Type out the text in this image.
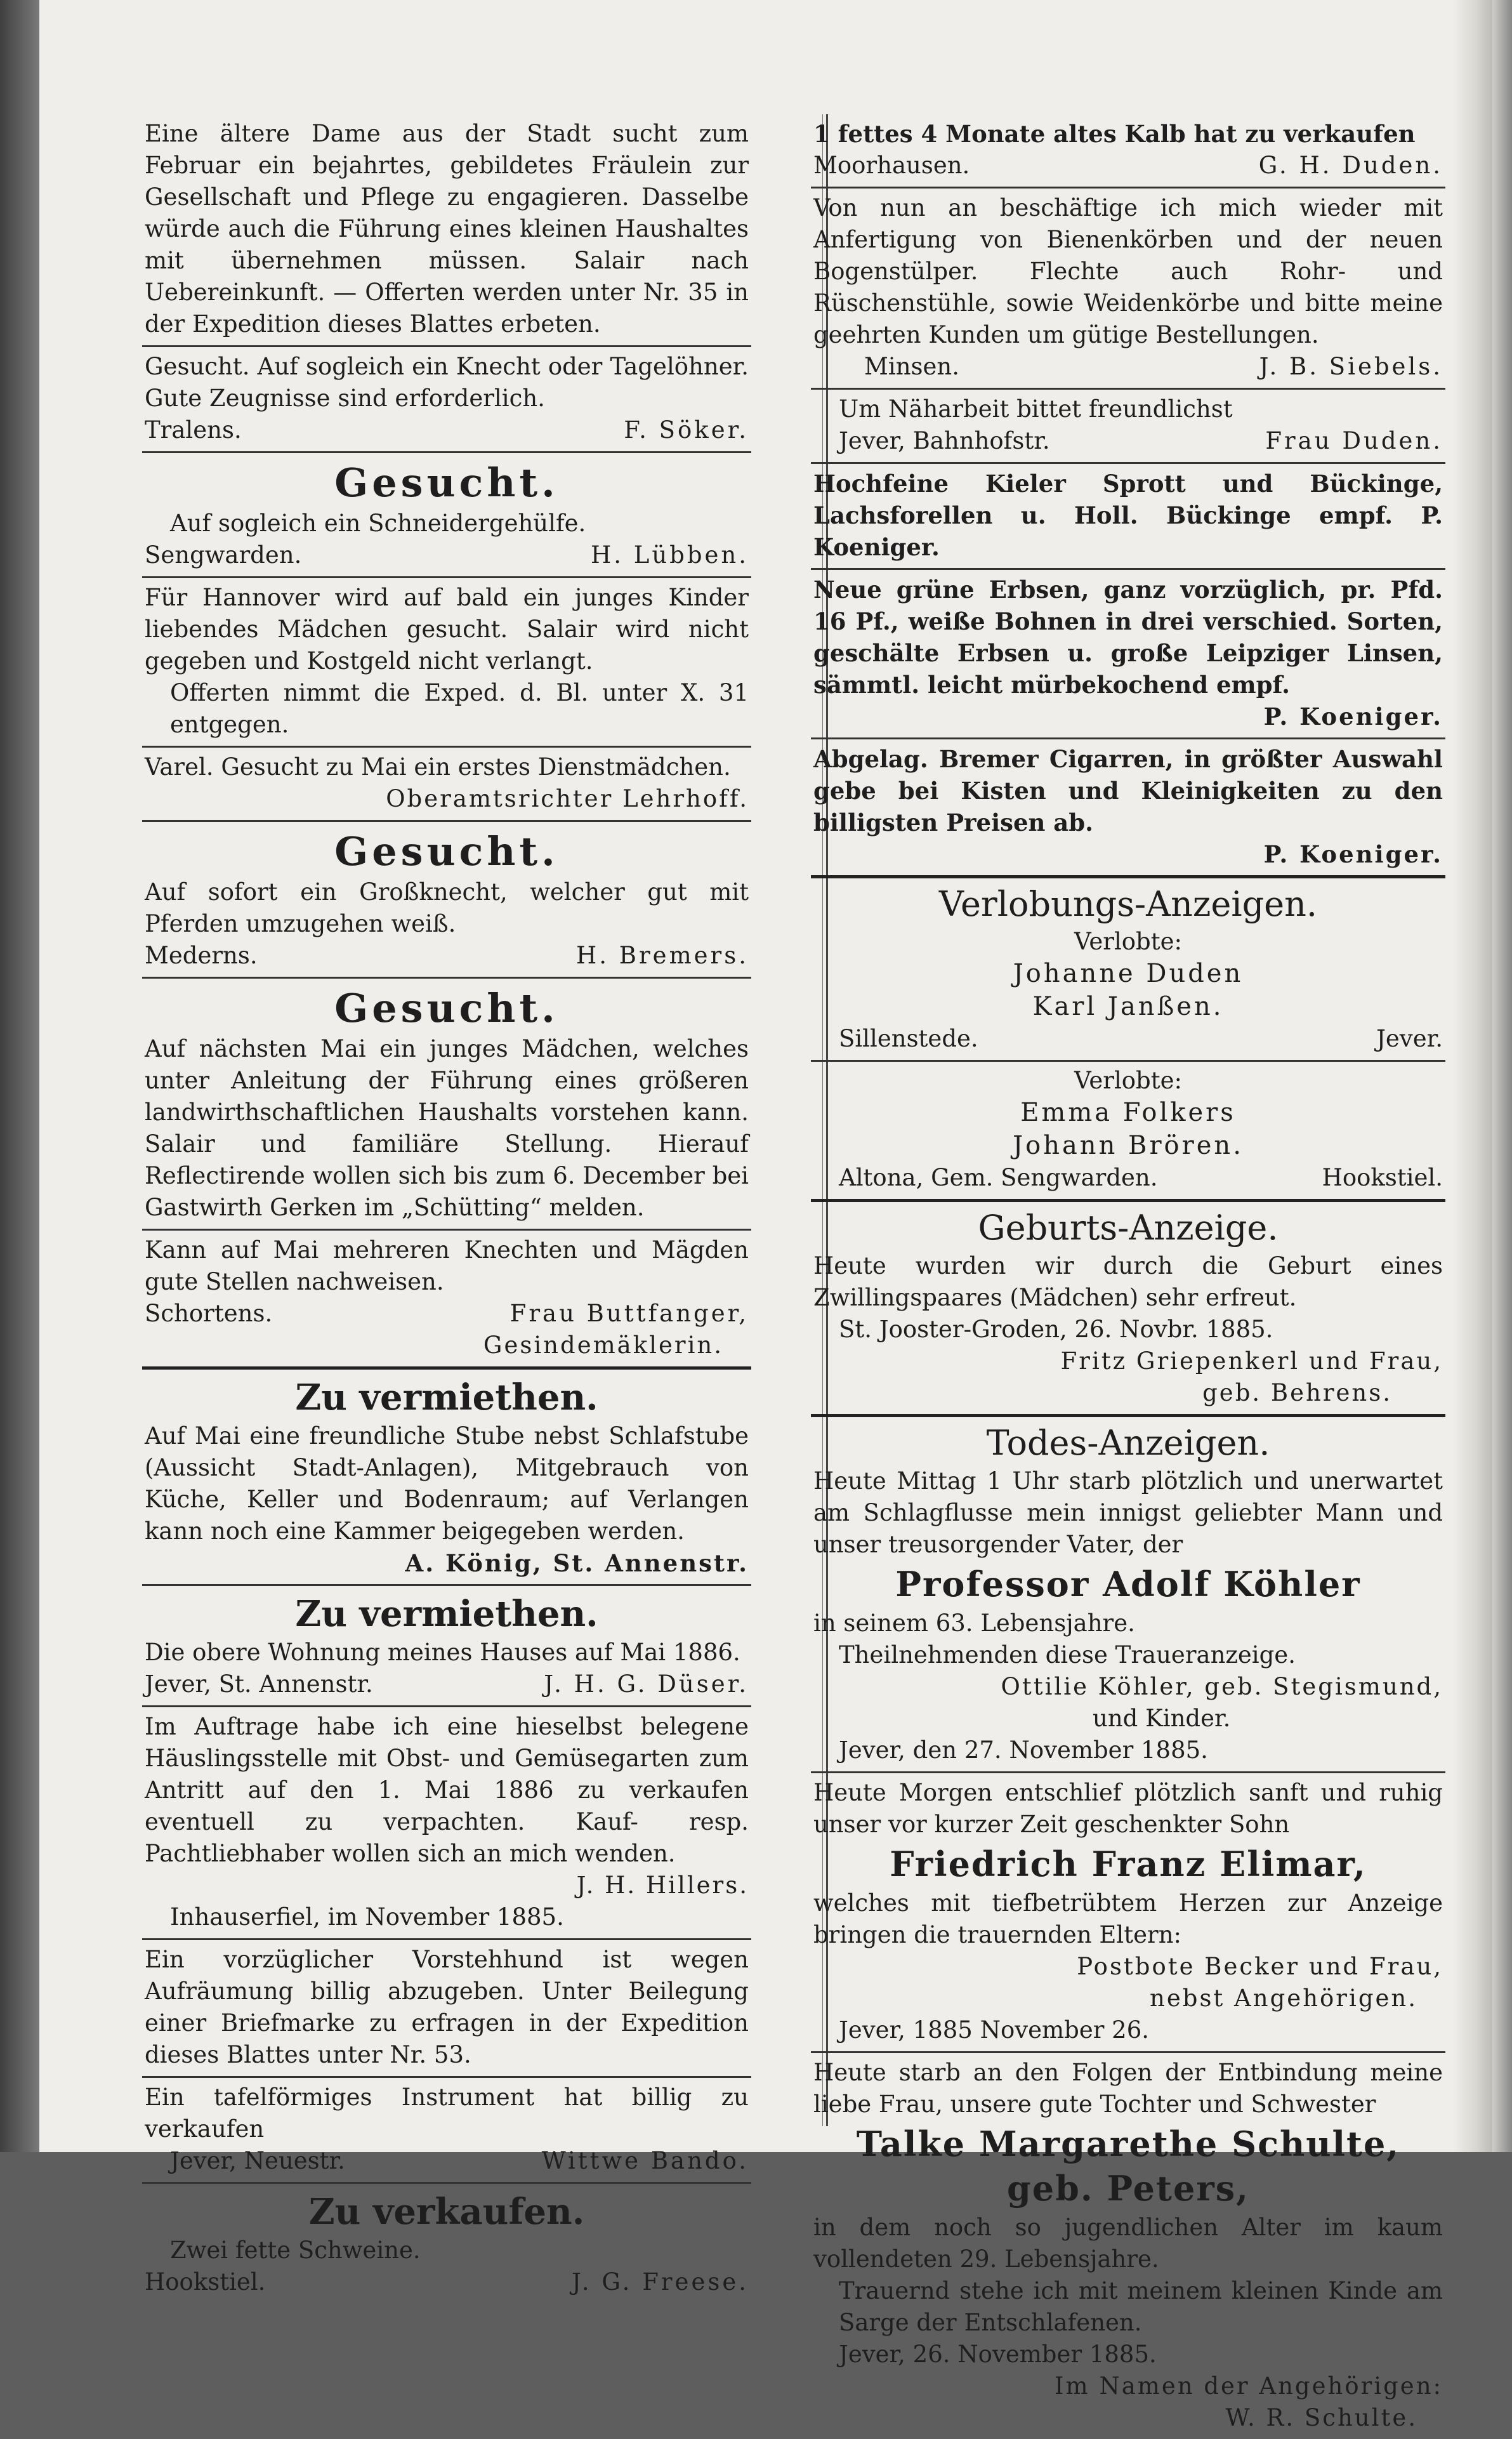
Eine ältere Dame aus der Stadt sucht zum Februar ein bejahrtes, gebildetes Fräulein zur Gesellschaft und Pflege zu engagieren. Dasselbe würde auch die Führung eines kleinen Haushaltes mit übernehmen müssen. Salair nach Uebereinkunft. — Offerten werden unter Nr. 35 in der Expedition dieses Blattes erbeten.

Gesucht. Auf sogleich ein Knecht oder Tagelöhner. Gute Zeugnisse sind erforderlich.

Tralens.	F. Söker.
Gesucht.

Auf sogleich ein Schneidergehülfe.

Sengwarden.	H. Lübben.

Für Hannover wird auf bald ein junges Kinder liebendes Mädchen gesucht. Salair wird nicht gegeben und Kostgeld nicht verlangt.

Offerten nimmt die Exped. d. Bl. unter X. 31 entgegen.

Varel. Gesucht zu Mai ein erstes Dienstmädchen.

Oberamtsrichter Lehrhoff.
Gesucht.

Auf sofort ein Großknecht, welcher gut mit Pferden umzugehen weiß.

Mederns.	H. Bremers.
Gesucht.

Auf nächsten Mai ein junges Mädchen, welches unter Anleitung der Führung eines größeren landwirthschaftlichen Haushalts vorstehen kann. Salair und familiäre Stellung. Hierauf Reflectirende wollen sich bis zum 6. December bei Gastwirth Gerken im „Schütting“ melden.

Kann auf Mai mehreren Knechten und Mägden gute Stellen nachweisen.

Schortens.	Frau Buttfanger,
Gesindemäklerin.
Zu vermiethen.

Auf Mai eine freundliche Stube nebst Schlafstube (Aussicht Stadt-Anlagen), Mitgebrauch von Küche, Keller und Bodenraum; auf Verlangen kann noch eine Kammer beigegeben werden.

A. König, St. Annenstr.
Zu vermiethen.

Die obere Wohnung meines Hauses auf Mai 1886.

Jever, St. Annenstr.	J. H. G. Düser.

Im Auftrage habe ich eine hieselbst belegene Häuslingsstelle mit Obst- und Gemüsegarten zum Antritt auf den 1. Mai 1886 zu verkaufen eventuell zu verpachten. Kauf- resp. Pachtliebhaber wollen sich an mich wenden.

J. H. Hillers.

Inhauserfiel, im November 1885.

Ein vorzüglicher Vorstehhund ist wegen Aufräumung billig abzugeben. Unter Beilegung einer Briefmarke zu erfragen in der Expedition dieses Blattes unter Nr. 53.

Ein tafelförmiges Instrument hat billig zu verkaufen

Jever, Neuestr.	Wittwe Bando.
Zu verkaufen.

Zwei fette Schweine.

Hookstiel.	J. G. Freese.

1 fettes 4 Monate altes Kalb hat zu verkaufen

Moorhausen.	G. H. Duden.

Von nun an beschäftige ich mich wieder mit Anfertigung von Bienenkörben und der neuen Bogenstülper. Flechte auch Rohr- und Rüschenstühle, sowie Weidenkörbe und bitte meine geehrten Kunden um gütige Bestellungen.

Minsen.	J. B. Siebels.

Um Näharbeit bittet freundlichst

Jever, Bahnhofstr.	Frau Duden.

Hochfeine Kieler Sprott und Bückinge, Lachsforellen u. Holl. Bückinge empf. P. Koeniger.

Neue grüne Erbsen, ganz vorzüglich, pr. Pfd. 16 Pf., weiße Bohnen in drei verschied. Sorten, geschälte Erbsen u. große Leipziger Linsen, sämmtl. leicht mürbekochend empf.

P. Koeniger.

Abgelag. Bremer Cigarren, in größter Auswahl gebe bei Kisten und Kleinigkeiten zu den billigsten Preisen ab.

P. Koeniger.
Verlobungs-Anzeigen.

Verlobte:

Johanne Duden

Karl Janßen.

Sillenstede.	Jever.

Verlobte:

Emma Folkers

Johann Brören.

Altona, Gem. Sengwarden.	Hookstiel.
Geburts-Anzeige.

Heute wurden wir durch die Geburt eines Zwillingspaares (Mädchen) sehr erfreut.

St. Jooster-Groden, 26. Novbr. 1885.

Fritz Griepenkerl und Frau,
geb. Behrens.
Todes-Anzeigen.

Heute Mittag 1 Uhr starb plötzlich und unerwartet am Schlagflusse mein innigst geliebter Mann und unser treusorgender Vater, der

Professor Adolf Köhler

in seinem 63. Lebensjahre.

Theilnehmenden diese Traueranzeige.

Ottilie Köhler, geb. Stegismund,

und Kinder.

Jever, den 27. November 1885.

Heute Morgen entschlief plötzlich sanft und ruhig unser vor kurzer Zeit geschenkter Sohn

Friedrich Franz Elimar,

welches mit tiefbetrübtem Herzen zur Anzeige bringen die trauernden Eltern:

Postbote Becker und Frau,
nebst Angehörigen.

Jever, 1885 November 26.

Heute starb an den Folgen der Entbindung meine liebe Frau, unsere gute Tochter und Schwester

Talke Margarethe Schulte,

geb. Peters,

in dem noch so jugendlichen Alter im kaum vollendeten 29. Lebensjahre.

Trauernd stehe ich mit meinem kleinen Kinde am Sarge der Entschlafenen.

Jever, 26. November 1885.

Im Namen der Angehörigen:
W. R. Schulte.
